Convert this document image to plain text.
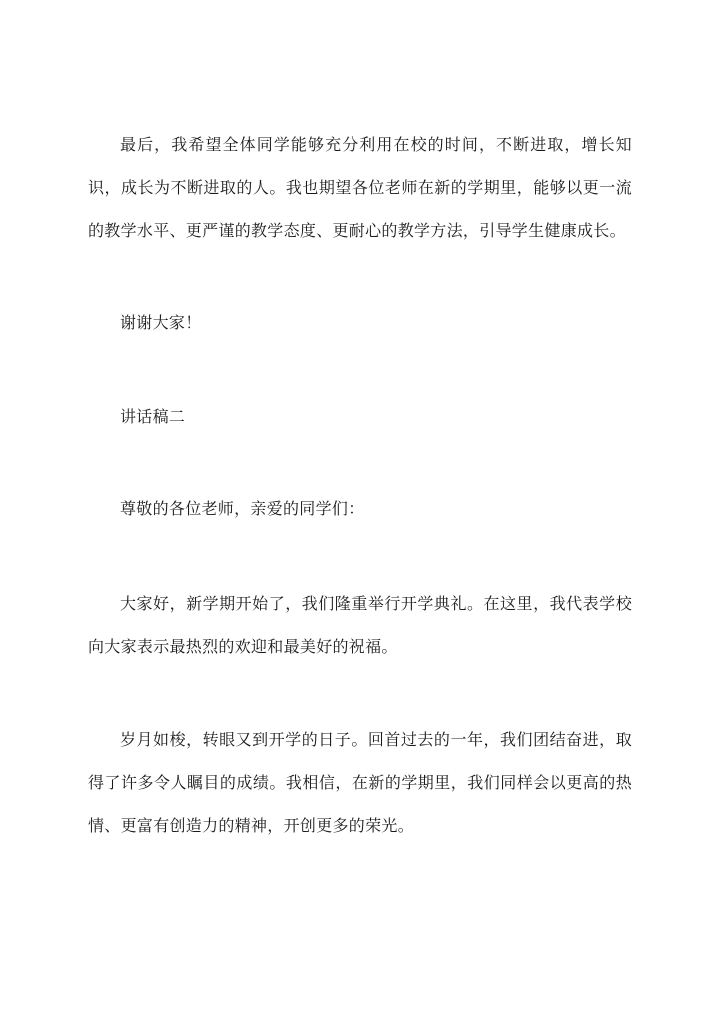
最后，我希望全体同学能够充分利用在校的时间，不断进取，增长知识，成长为不断进取的人。我也期望各位老师在新的学期里，能够以更一流的教学水平、更严谨的教学态度、更耐心的教学方法，引导学生健康成长。

谢谢大家！

讲话稿二

尊敬的各位老师，亲爱的同学们：

大家好，新学期开始了，我们隆重举行开学典礼。在这里，我代表学校向大家表示最热烈的欢迎和最美好的祝福。

岁月如梭，转眼又到开学的日子。回首过去的一年，我们团结奋进，取得了许多令人瞩目的成绩。我相信，在新的学期里，我们同样会以更高的热情、更富有创造力的精神，开创更多的荣光。
